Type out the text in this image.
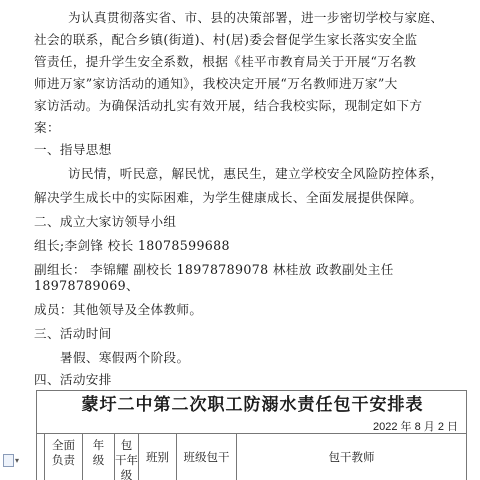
为认真贯彻落实省、市、县的决策部署，进一步密切学校与家庭、
社会的联系，配合乡镇(街道)、村(居)委会督促学生家长落实安全监
管责任，提升学生安全系数，根据《桂平市教育局关于开展“万名教
师进万家”家访活动的通知》，我校决定开展“万名教师进万家”大
家访活动。为确保活动扎实有效开展，结合我校实际，现制定如下方
案：
一、指导思想
访民情，听民意，解民忧，惠民生，建立学校安全风险防控体系，
解决学生成长中的实际困难，为学生健康成长、全面发展提供保障。
二、成立大家访领导小组
组长;李剑锋 校长 18078599688
副组长： 李锦耀 副校长 18978789078 林桂放 政教副处主任
18978789069、
成员：其他领导及全体教师。
三、活动时间
暑假、寒假两个阶段。
蒙圩二中第二次职工防溺水责任包干安排表
2022 年 8 月 2 日
全面
负责
年
级
包
干年
级
班别	班级包干	包干教师
▾
四、活动安排
